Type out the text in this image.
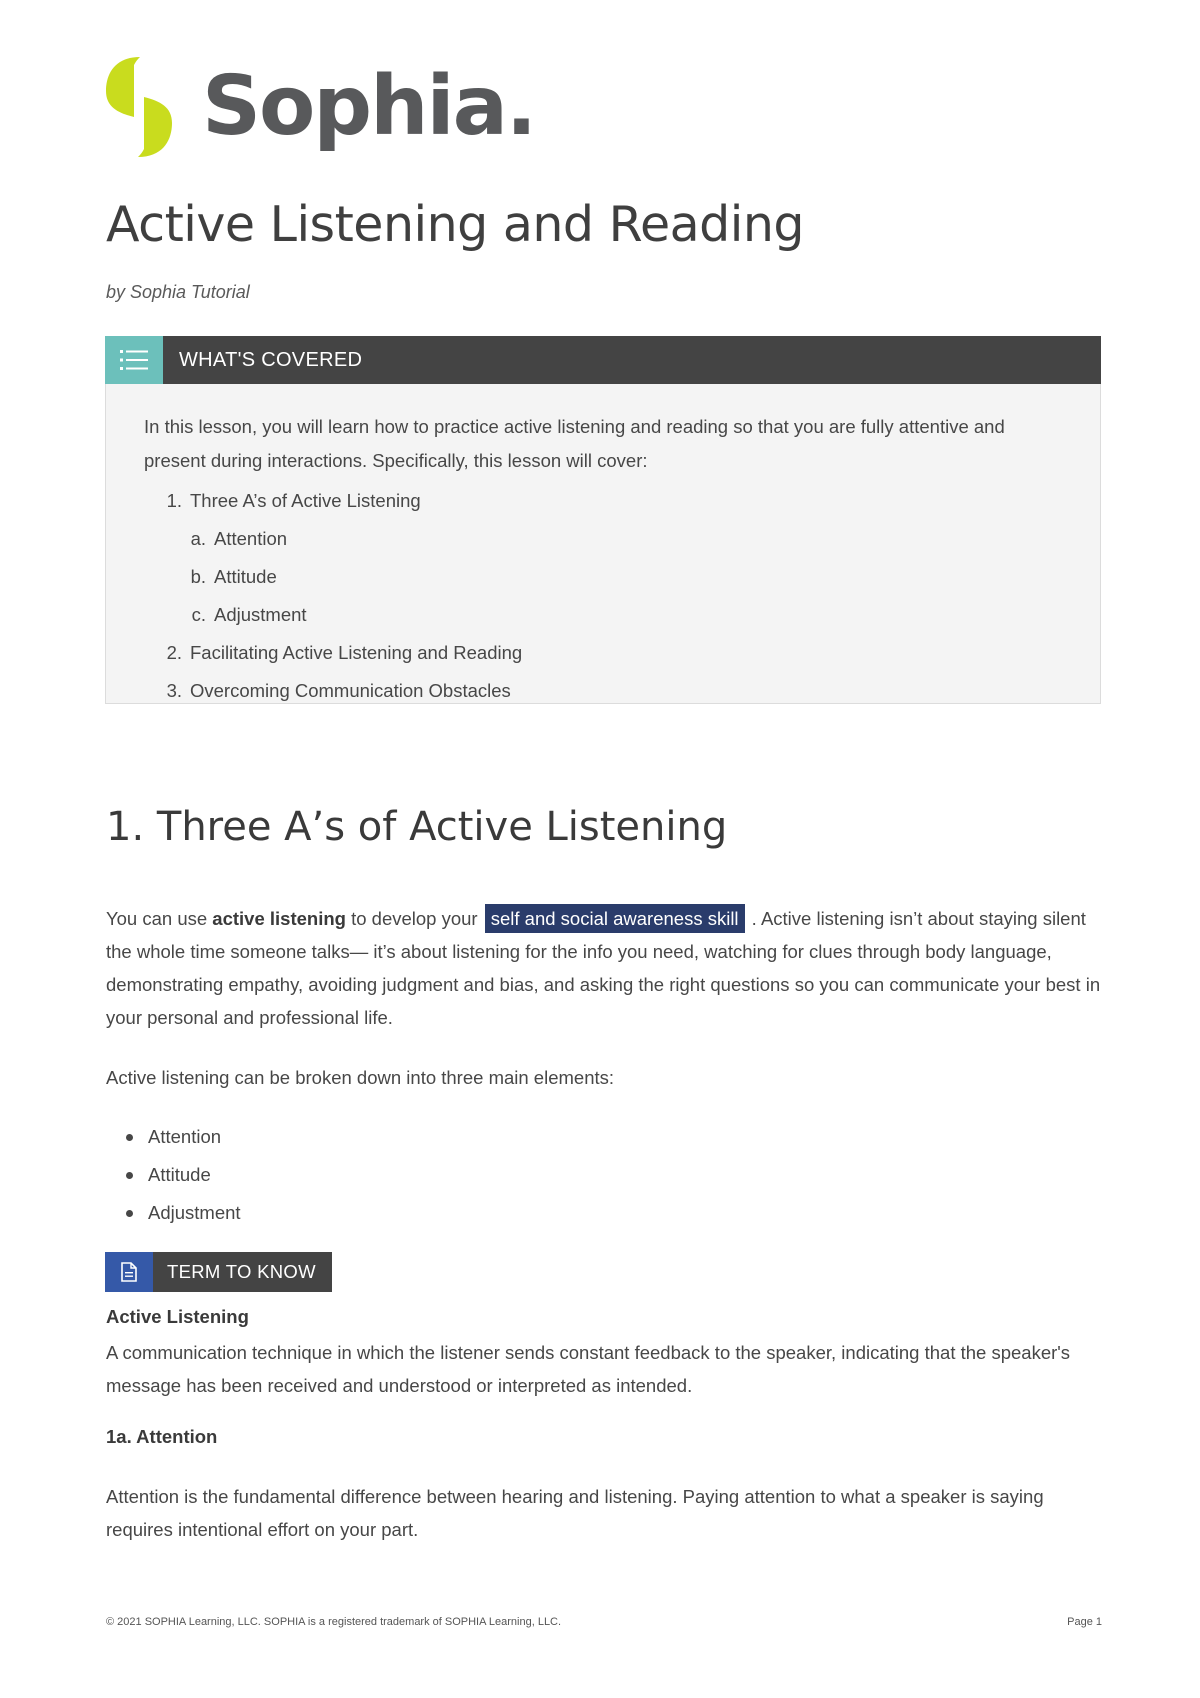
Sophia.
Active Listening and Reading
by Sophia Tutorial
WHAT'S COVERED

In this lesson, you will learn how to practice active listening and reading so that you are fully attentive and present during interactions. Specifically, this lesson will cover:

1. Three A’s of Active Listening
a. Attention
b. Attitude
c. Adjustment
2. Facilitating Active Listening and Reading
3. Overcoming Communication Obstacles
1. Three A’s of Active Listening

You can use active listening to develop your self and social awareness skill . Active listening isn’t about staying silent the whole time someone talks— it’s about listening for the info you need, watching for clues through body language, demonstrating empathy, avoiding judgment and bias, and asking the right questions so you can communicate your best in your personal and professional life.

Active listening can be broken down into three main elements:

Attention
Attitude
Adjustment
TERM TO KNOW
Active Listening

A communication technique in which the listener sends constant feedback to the speaker, indicating that the speaker's message has been received and understood or interpreted as intended.

1a. Attention

Attention is the fundamental difference between hearing and listening. Paying attention to what a speaker is saying requires intentional effort on your part.

© 2021 SOPHIA Learning, LLC. SOPHIA is a registered trademark of SOPHIA Learning, LLC.	Page 1
